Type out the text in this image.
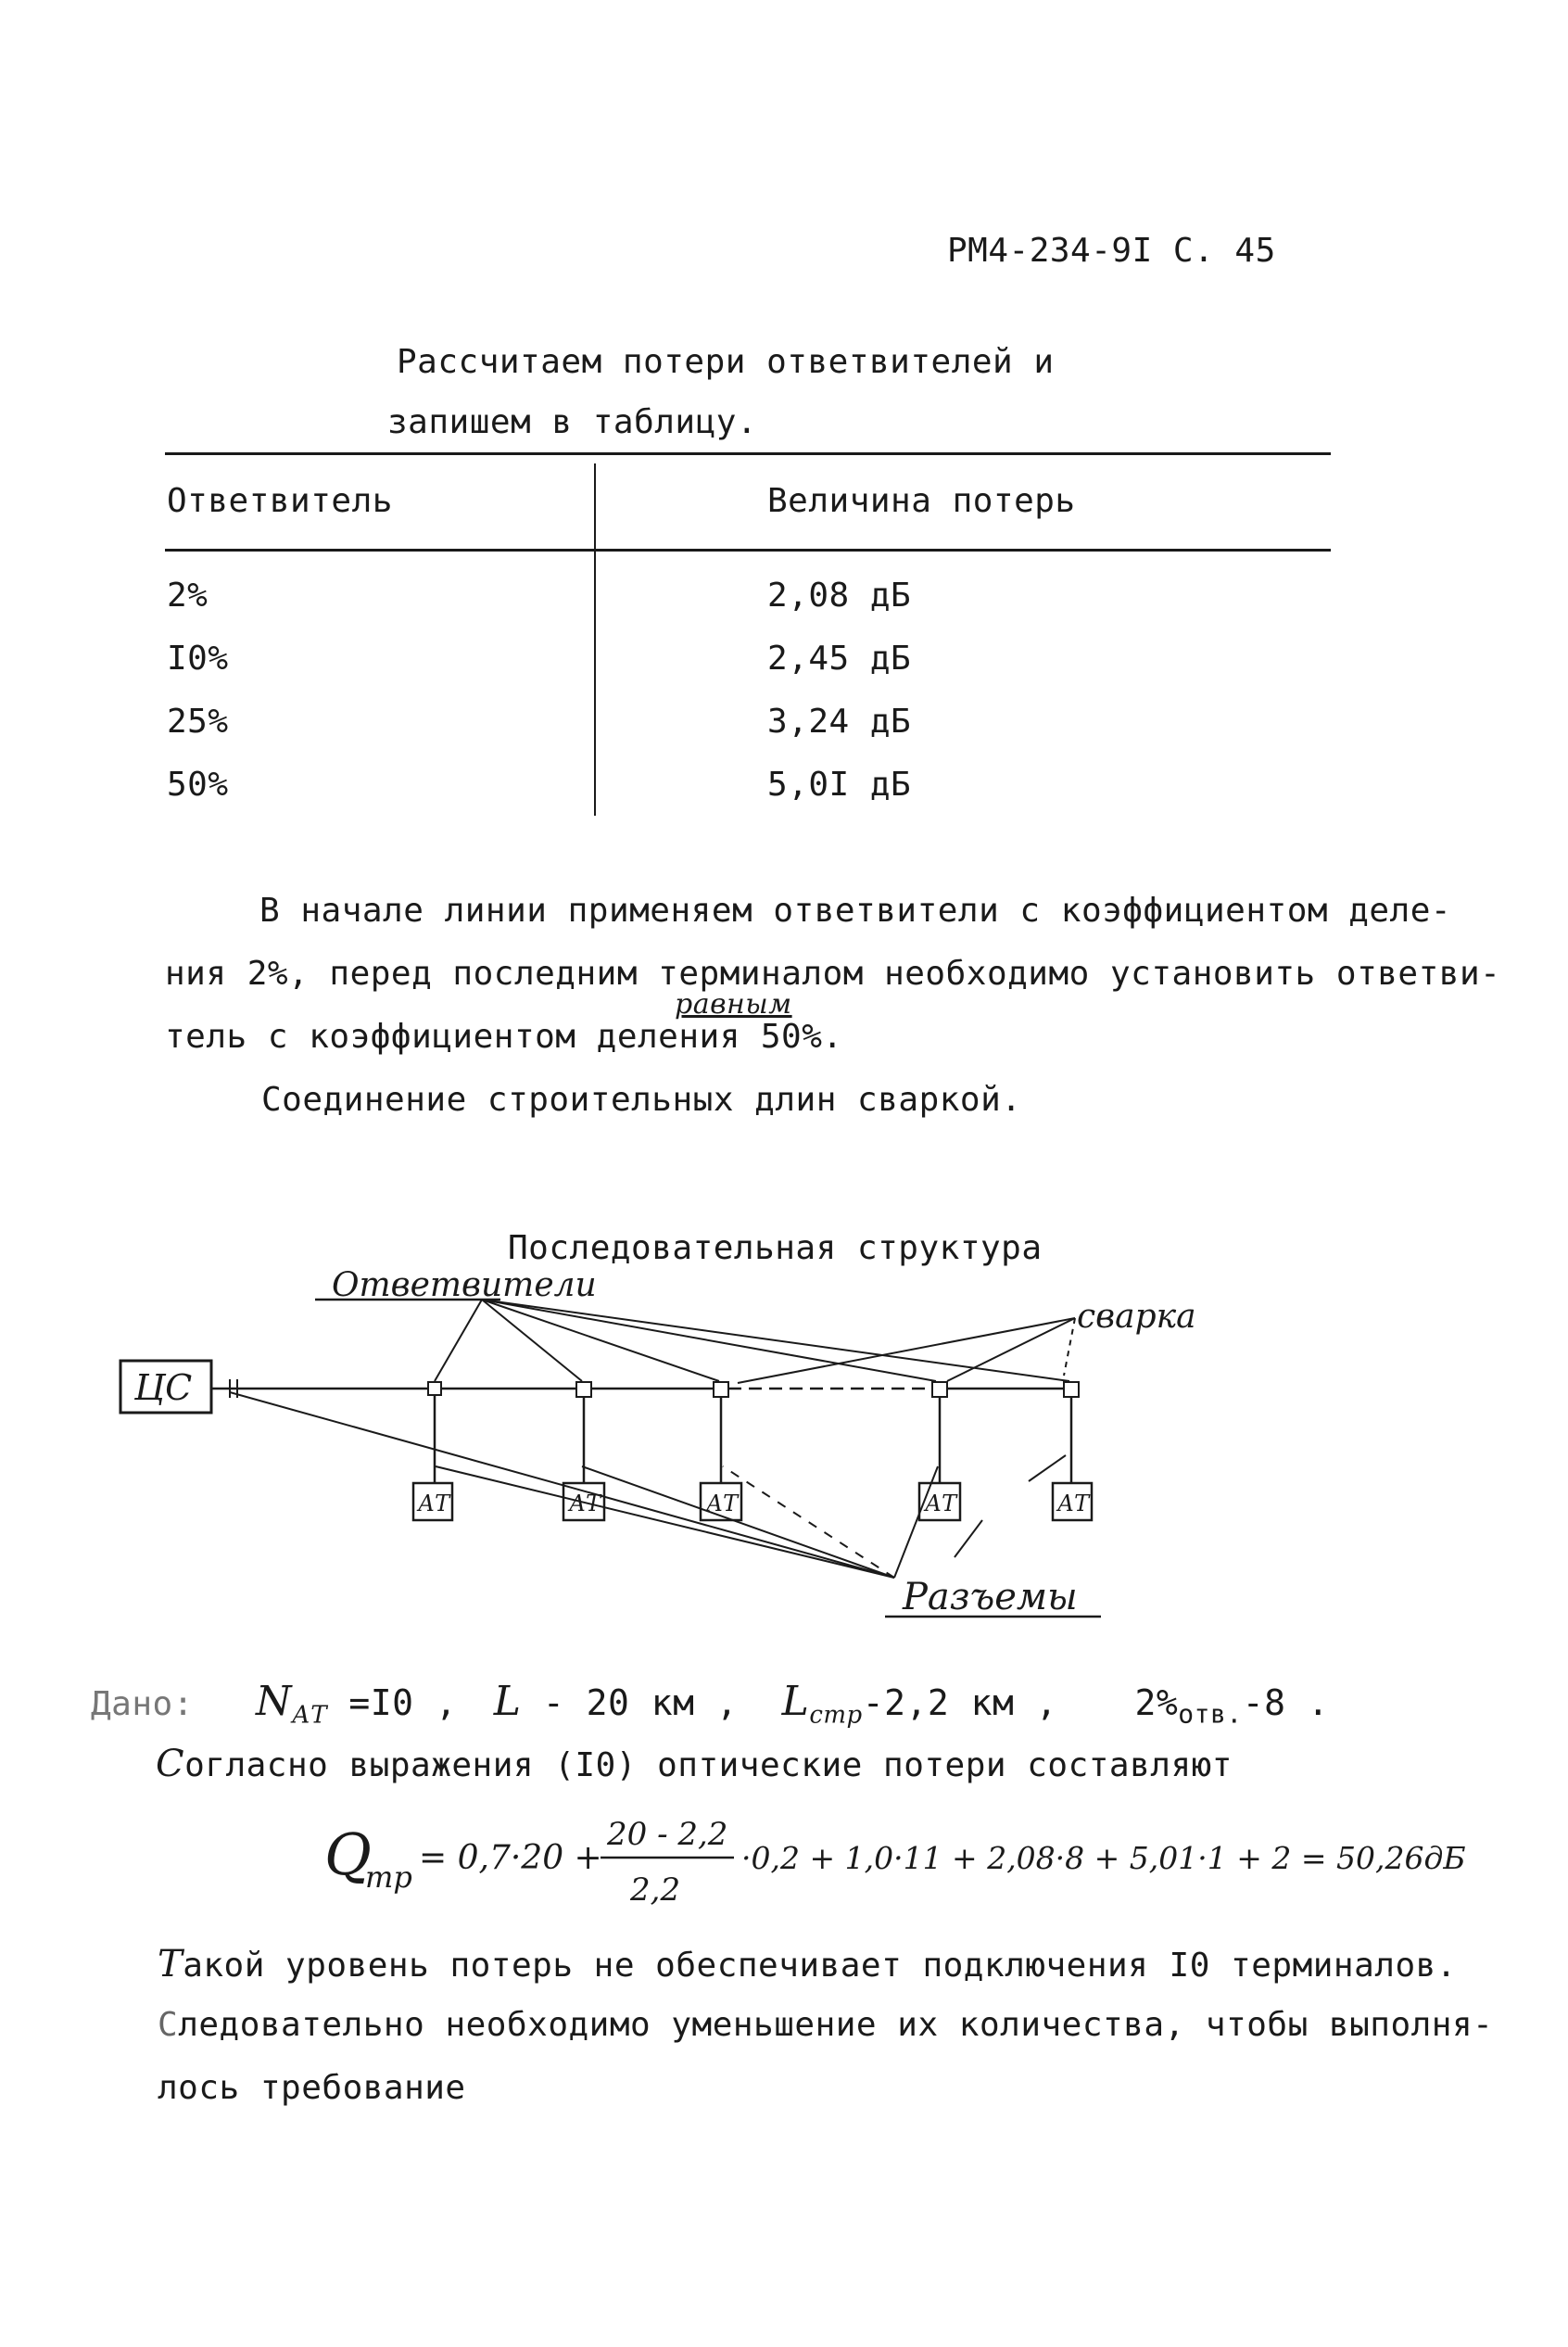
РМ4-234-9I С. 45
Рассчитаем потери ответвителей и
запишем в таблицу.
Ответвитель	Величина потерь
2%	2,08 дБ
I0%	2,45 дБ
25%	3,24 дБ
50%	5,0I дБ
В начале линии применяем ответвители с коэффициентом деле-
ния 2%, перед последним терминалом необходимо установить ответви-
тель с коэффициентом деления 50%.
равным
Соединение строительных длин сваркой.
Последовательная структура
Ответвители
сварка
Разъемы
ЦС
АТ	АТ	АТ	АТ	АТ
Дано: $N_{АТ} =I0$ , L - 20 км , $L_{стр}-2,2$ км , $2\%_{отв.}-8$ .
Согласно выражения (I0) оптические потери составляют
Q
тр = 0,7·20 +
20 - 2,2
2,2
·0,2 + 1,0·11 + 2,08·8 + 5,01·1 + 2 = 50,26дБ
Такой уровень потерь не обеспечивает подключения I0 терминалов.
Следовательно необходимо уменьшение их количества, чтобы выполня-
лось требование
